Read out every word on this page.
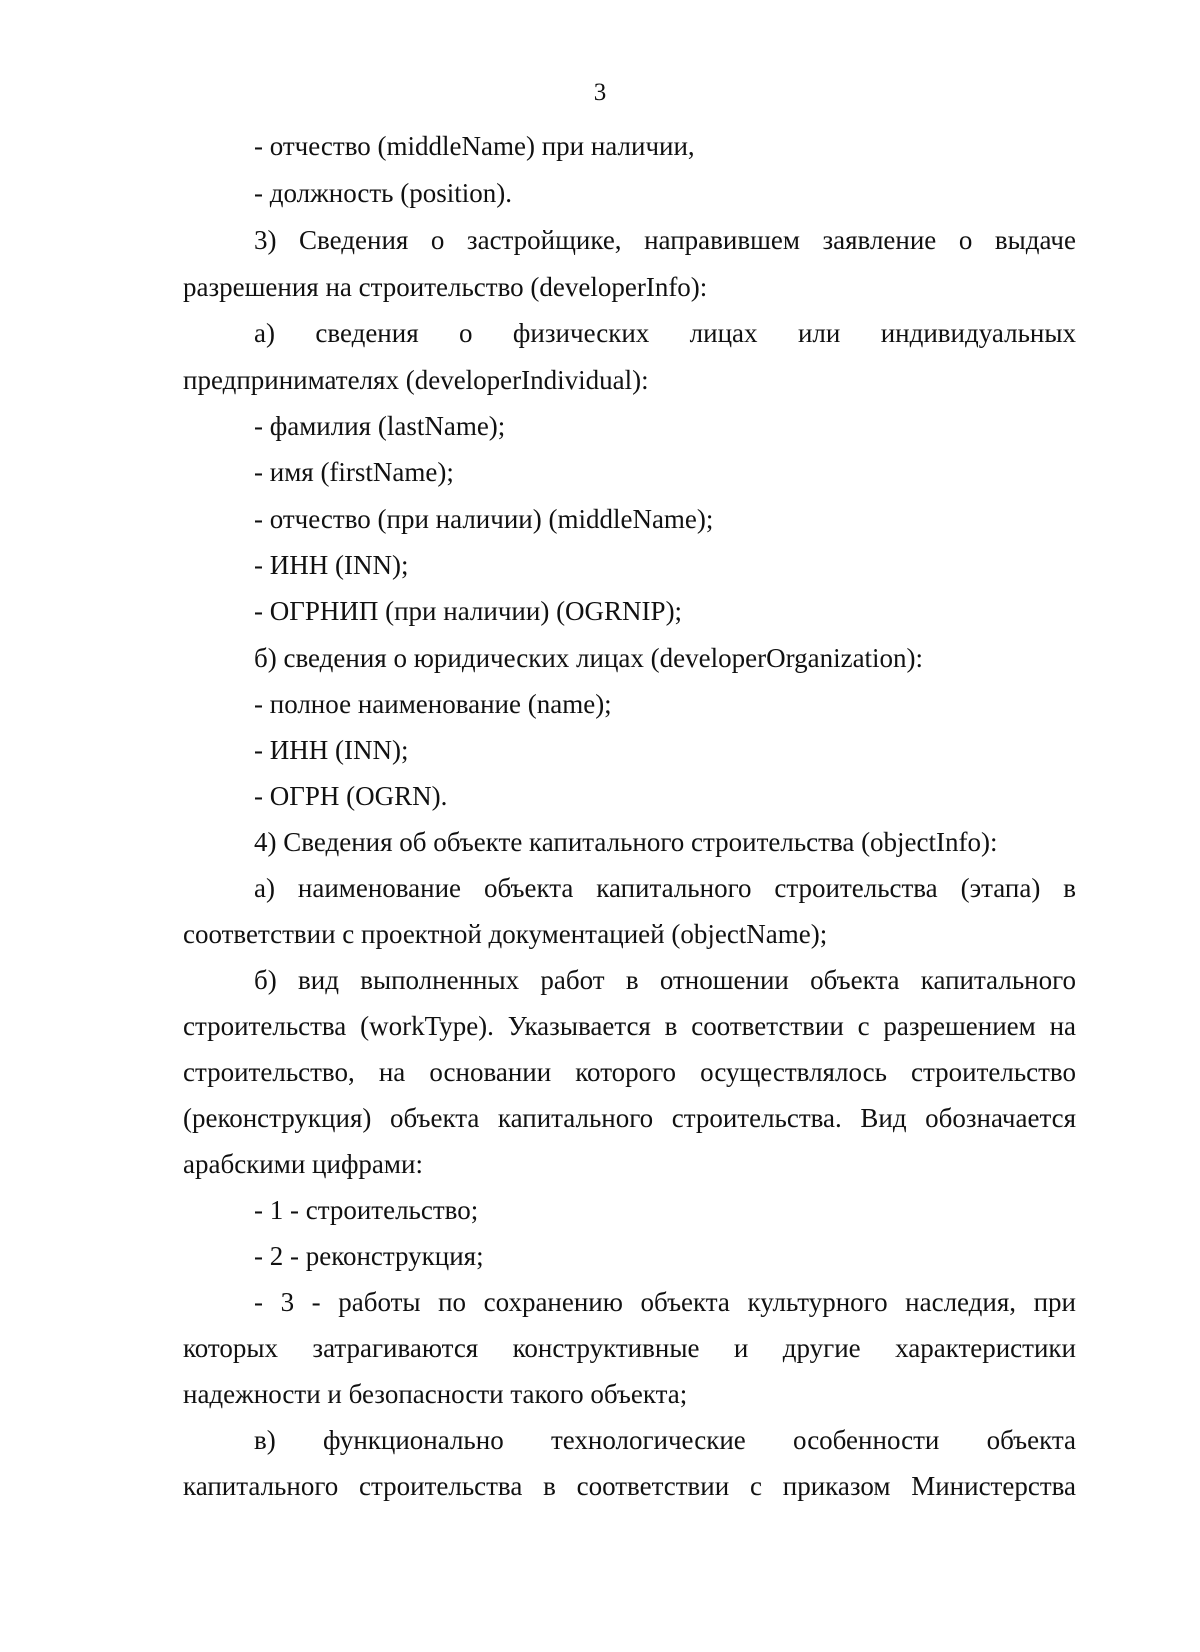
3
- отчество (middleName) при наличии,
- должность (position).
3) Сведения о застройщике, направившем заявление о выдаче
разрешения на строительство (developerInfo):
а) сведения о физических лицах или индивидуальных
предпринимателях (developerIndividual):
- фамилия (lastName);
- имя (firstName);
- отчество (при наличии) (middleName);
- ИНН (INN);
- ОГРНИП (при наличии) (OGRNIP);
б) сведения о юридических лицах (developerOrganization):
- полное наименование (name);
- ИНН (INN);
- ОГРН (OGRN).
4) Сведения об объекте капитального строительства (objectInfo):
а) наименование объекта капитального строительства (этапа) в
соответствии с проектной документацией (objectName);
б) вид выполненных работ в отношении объекта капитального
строительства (workType). Указывается в соответствии с разрешением на
строительство, на основании которого осуществлялось строительство
(реконструкция) объекта капитального строительства. Вид обозначается
арабскими цифрами:
- 1 - строительство;
- 2 - реконструкция;
- 3 - работы по сохранению объекта культурного наследия, при
которых затрагиваются конструктивные и другие характеристики
надежности и безопасности такого объекта;
в) функционально технологические особенности объекта
капитального строительства в соответствии с приказом Министерства
